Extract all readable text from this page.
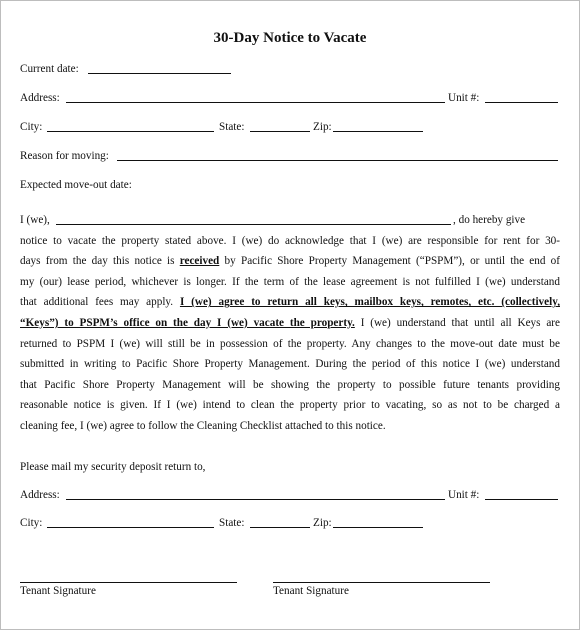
30-Day Notice to Vacate
Current date:
Address:	Unit #:
City:	State:	Zip:
Reason for moving:
Expected move-out date:
I (we),	, do hereby give
notice to vacate the property stated above. I (we) do acknowledge that I (we) are responsible for rent for 30-
days from the day this notice is received by Pacific Shore Property Management (“PSPM”), or until the end of
my (our) lease period, whichever is longer. If the term of the lease agreement is not fulfilled I (we) understand
that additional fees may apply. I (we) agree to return all keys, mailbox keys, remotes, etc. (collectively,
“Keys”) to PSPM’s office on the day I (we) vacate the property. I (we) understand that until all Keys are
returned to PSPM I (we) will still be in possession of the property. Any changes to the move-out date must be
submitted in writing to Pacific Shore Property Management. During the period of this notice I (we) understand
that Pacific Shore Property Management will be showing the property to possible future tenants providing
reasonable notice is given. If I (we) intend to clean the property prior to vacating, so as not to be charged a
cleaning fee, I (we) agree to follow the Cleaning Checklist attached to this notice.
Please mail my security deposit return to,
Address:	Unit #:
City:	State:	Zip:
Tenant Signature	Tenant Signature
